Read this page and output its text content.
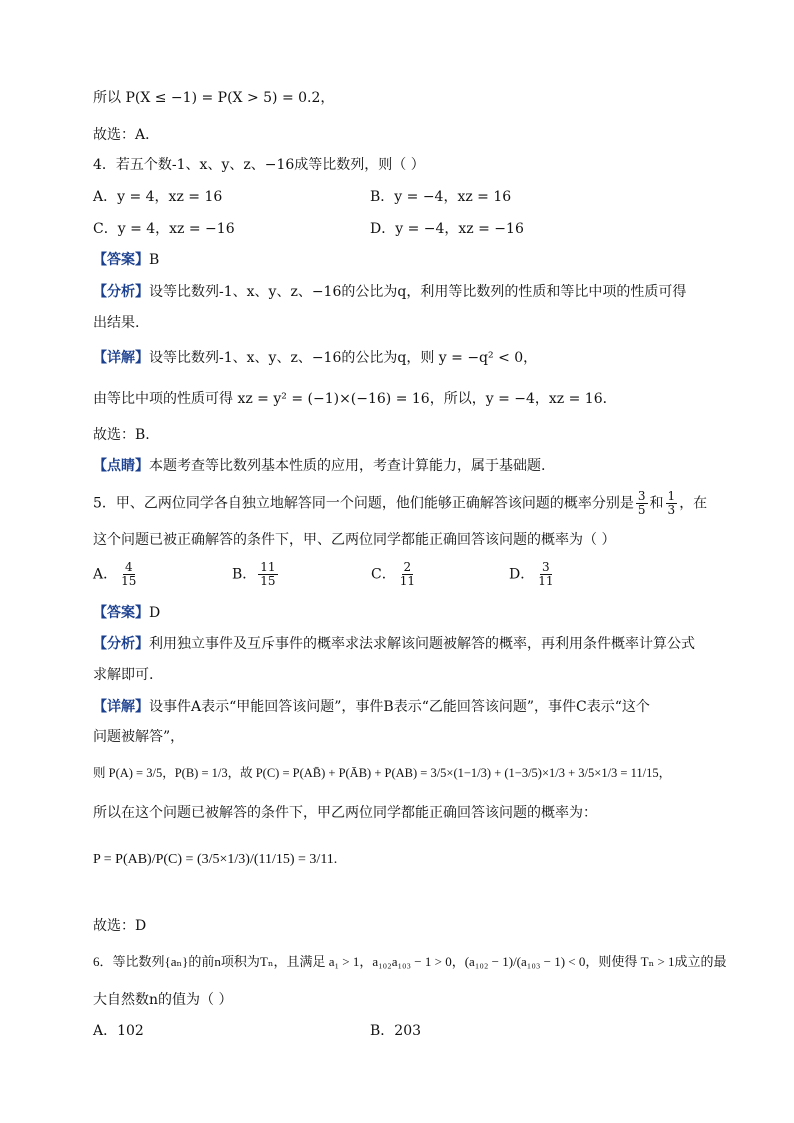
所以 P(X ≤ −1) = P(X > 5) = 0.2，
故选：A．
4．若五个数-1、x、y、z、−16成等比数列，则（ ）
A．y = 4，xz = 16	B．y = −4，xz = 16
C．y = 4，xz = −16	D．y = −4，xz = −16
【答案】B
【分析】设等比数列-1、x、y、z、−16的公比为q，利用等比数列的性质和等比中项的性质可得
出结果.
【详解】设等比数列-1、x、y、z、−16的公比为q，则 y = −q² < 0，
由等比中项的性质可得 xz = y² = (−1)×(−16) = 16，所以，y = −4，xz = 16．
故选：B.
【点睛】本题考查等比数列基本性质的应用，考查计算能力，属于基础题.
5．甲、乙两位同学各自独立地解答同一个问题，他们能够正确解答该问题的概率分别是 $\frac{3}{5}$ 和 $\frac{1}{3}$ ，在
这个问题已被正确解答的条件下，甲、乙两位同学都能正确回答该问题的概率为（ ）
A． $\frac{4}{15}$	B． $\frac{11}{15}$	C． $\frac{2}{11}$	D． $\frac{3}{11}$
【答案】D
【分析】利用独立事件及互斥事件的概率求法求解该问题被解答的概率，再利用条件概率计算公式
求解即可.
【详解】设事件A表示“甲能回答该问题”，事件B表示“乙能回答该问题”，事件C表示“这个
问题被解答”，
则 P(A) = 3/5，P(B) = 1/3，故 P(C) = P(AB̄) + P(ĀB) + P(AB) = 3/5×(1−1/3) + (1−3/5)×1/3 + 3/5×1/3 = 11/15，
所以在这个问题已被解答的条件下，甲乙两位同学都能正确回答该问题的概率为：
P = P(AB)/P(C) = (3/5×1/3)/(11/15) = 3/11.
故选：D
6．等比数列{aₙ}的前n项积为Tₙ，且满足 a₁ > 1，a₁₀₂a₁₀₃ − 1 > 0，(a₁₀₂ − 1)/(a₁₀₃ − 1) < 0，则使得 Tₙ > 1成立的最
大自然数n的值为（ ）
A．102	B．203
